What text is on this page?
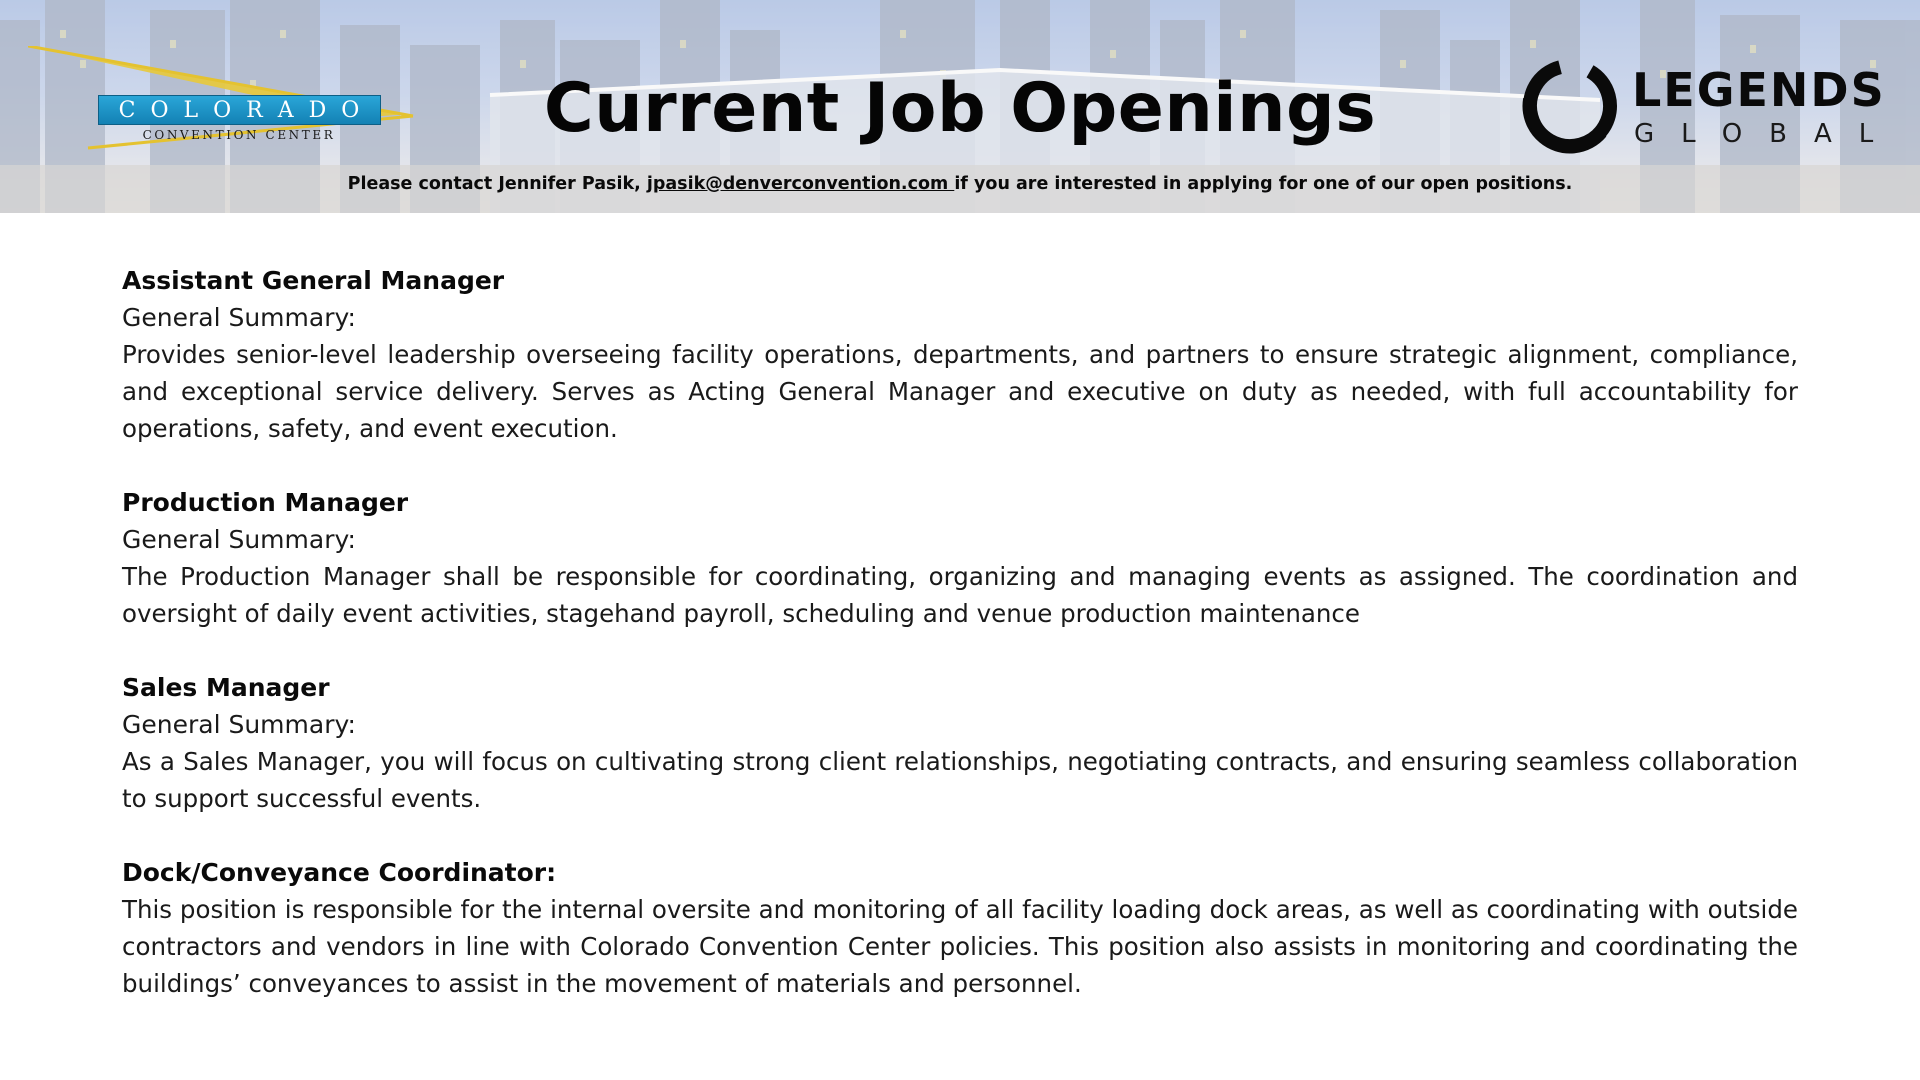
COLORADO
CONVENTION CENTER	Current Job Openings	LEGENDS
GLOBAL
Please contact Jennifer Pasik, jpasik@denverconvention.com if you are interested in applying for one of our open positions.

Assistant General Manager

General Summary:

Provides senior-level leadership overseeing facility operations, departments, and partners to ensure strategic alignment, compliance, and exceptional service delivery. Serves as Acting General Manager and executive on duty as needed, with full accountability for operations, safety, and event execution.

Production Manager

General Summary:

The Production Manager shall be responsible for coordinating, organizing and managing events as assigned. The coordination and oversight of daily event activities, stagehand payroll, scheduling and venue production maintenance

Sales Manager

General Summary:

As a Sales Manager, you will focus on cultivating strong client relationships, negotiating contracts, and ensuring seamless collaboration to support successful events.

Dock/Conveyance Coordinator:

This position is responsible for the internal oversite and monitoring of all facility loading dock areas, as well as coordinating with outside contractors and vendors in line with Colorado Convention Center policies. This position also assists in monitoring and coordinating the buildings’ conveyances to assist in the movement of materials and personnel.
